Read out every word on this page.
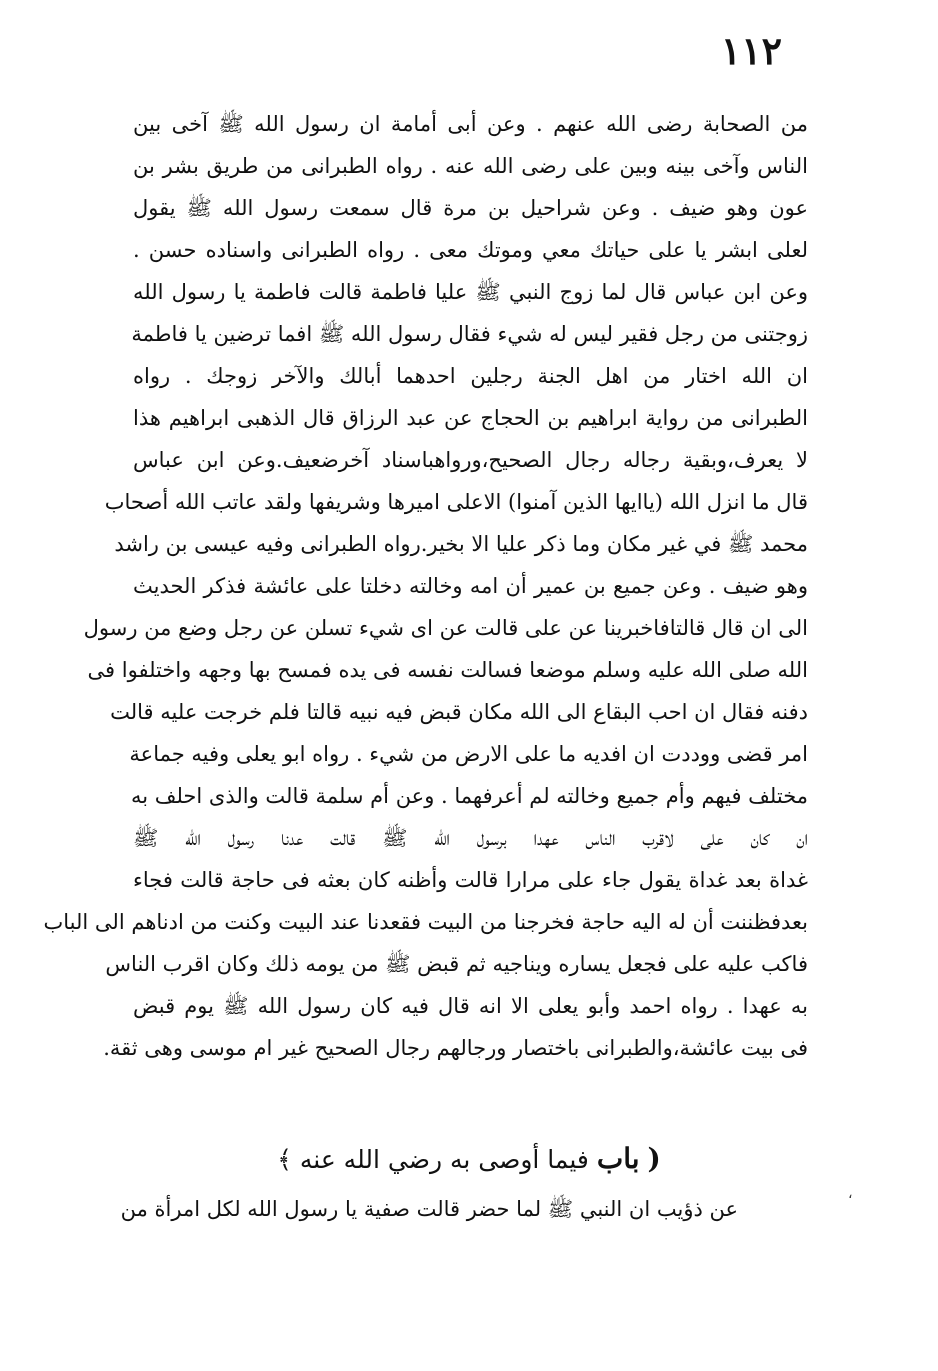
١١٢
من الصحابة رضى الله عنهم . وعن أبى أمامة ان رسول الله ﷺ آخى بين
الناس وآخى بينه وبين على رضى الله عنه . رواه الطبرانى من طريق بشر بن
عون وهو ضيف . وعن شراحيل بن مرة قال سمعت رسول الله ﷺ يقول
لعلى ابشر يا على حياتك معي وموتك معى . رواه الطبرانى واسناده حسن .
وعن ابن عباس قال لما زوج النبي ﷺ عليا فاطمة قالت فاطمة يا رسول الله
زوجتنى من رجل فقير ليس له شيء فقال رسول الله ﷺ افما ترضين يا فاطمة
ان الله اختار من اهل الجنة رجلين احدهما أبالك والآخر زوجك . رواه
الطبرانى من رواية ابراهيم بن الحجاج عن عبد الرزاق قال الذهبى ابراهيم هذا
لا يعرف،وبقية رجاله رجال الصحيح،ورواهباسناد آخرضعيف.وعن ابن عباس
قال ما انزل الله (ياايها الذين آمنوا) الاعلى اميرها وشريفها ولقد عاتب الله أصحاب
محمد ﷺ في غير مكان وما ذكر عليا الا بخير.رواه الطبرانى وفيه عيسى بن راشد
وهو ضيف . وعن جميع بن عمير أن امه وخالته دخلتا على عائشة فذكر الحديث
الى ان قال قالتافاخبرينا عن على قالت عن اى شيء تسلن عن رجل وضع من رسول
الله صلى الله عليه وسلم موضعا فسالت نفسه فى يده فمسح بها وجهه واختلفوا فى
دفنه فقال ان احب البقاع الى الله مكان قبض فيه نبيه قالتا فلم خرجت عليه قالت
امر قضى ووددت ان افديه ما على الارض من شيء . رواه ابو يعلى وفيه جماعة
مختلف فيهم وأم جميع وخالته لم أعرفهما . وعن أم سلمة قالت والذى احلف به
ان كان على لاقرب الناس عهدا برسول الله ﷺ قالت عدنا رسول الله ﷺ
غداة بعد غداة يقول جاء على مرارا قالت وأظنه كان بعثه فى حاجة قالت فجاء
بعدفظننت أن له اليه حاجة فخرجنا من البيت فقعدنا عند البيت وكنت من ادناهم الى الباب
فاكب عليه على فجعل يساره ويناجيه ثم قبض ﷺ من يومه ذلك وكان اقرب الناس
به عهدا . رواه احمد وأبو يعلى الا انه قال فيه كان رسول الله ﷺ يوم قبض
فى بيت عائشة،والطبرانى باختصار ورجالهم رجال الصحيح غير ام موسى وهى ثقة.
( باب فيما أوصى به رضي الله عنه ﴾
عن ذؤيب ان النبي ﷺ لما حضر قالت صفية يا رسول الله لكل امرأة من
،
